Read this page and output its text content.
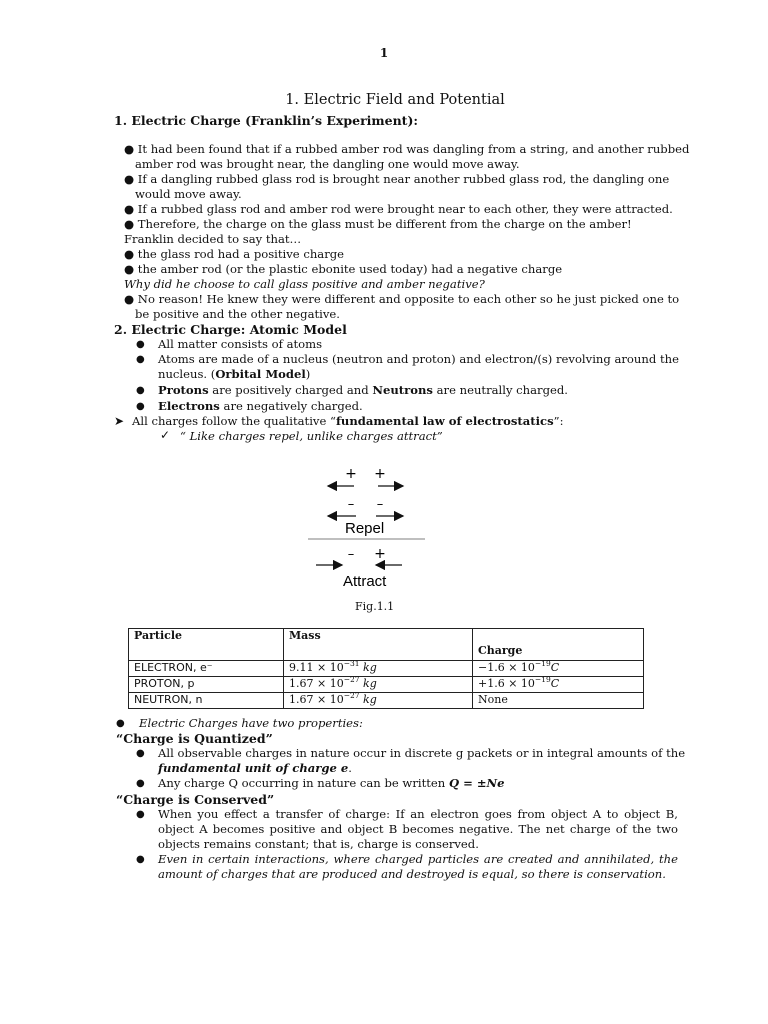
1
1. Electric Field and Potential
1. Electric Charge (Franklin’s Experiment):
● It had been found that if a rubbed amber rod was dangling from a string, and another rubbed
amber rod was brought near, the dangling one would move away.
● If a dangling rubbed glass rod is brought near another rubbed glass rod, the dangling one
would move away.
● If a rubbed glass rod and amber rod were brought near to each other, they were attracted.
● Therefore, the charge on the glass must be different from the charge on the amber!
Franklin decided to say that…
● the glass rod had a positive charge
● the amber rod (or the plastic ebonite used today) had a negative charge
Why did he choose to call glass positive and amber negative?
● No reason! He knew they were different and opposite to each other so he just picked one to
be positive and the other negative.
2. Electric Charge: Atomic Model
● All matter consists of atoms
● Atoms are made of a nucleus (neutron and proton) and electron/(s) revolving around the
nucleus. (Orbital Model)
● Protons are positively charged and Neutrons are neutrally charged.
● Electrons are negatively charged.
➤ All charges follow the qualitative “fundamental law of electrostatics”:
✓ “ Like charges repel, unlike charges attract”
+ +
– –
Repel
– +
Attract
Fig.1.1
Particle	Mass	Charge

ELECTRON, e⁻	$9.11 \times 10^{-31}$ kg	$-1.6 \times 10^{-19}C$
PROTON, p	$1.67 \times 10^{-27}$ kg	$+1.6 \times 10^{-19}C$
NEUTRON, n	$1.67 \times 10^{-27}$ kg	None
● Electric Charges have two properties:
“Charge is Quantized”
● All observable charges in nature occur in discrete g packets or in integral amounts of the
fundamental unit of charge e.
● Any charge Q occurring in nature can be written Q = ±Ne
“Charge is Conserved”
● When you effect a transfer of charge: If an electron goes from object A to object B, object A becomes positive and object B becomes negative. The net charge of the two objects remains constant; that is, charge is conserved.
● Even in certain interactions, where charged particles are created and annihilated, the amount of charges that are produced and destroyed is equal, so there is conservation.
